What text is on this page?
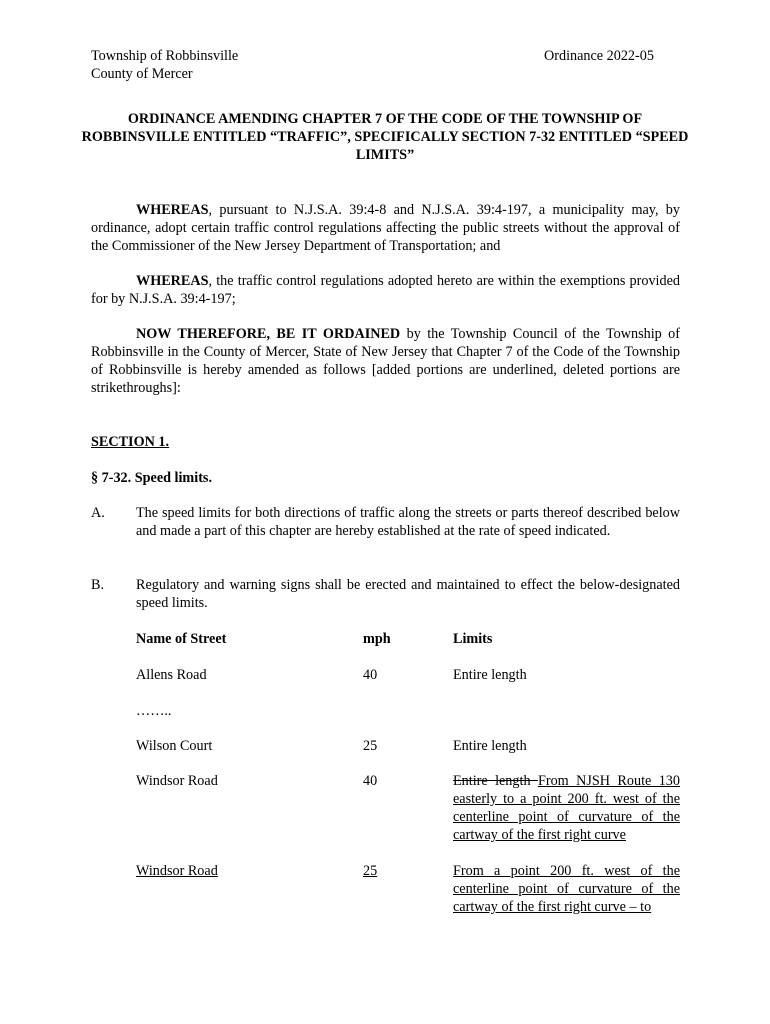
Township of Robbinsville
County of Mercer
Ordinance 2022-05
ORDINANCE AMENDING CHAPTER 7 OF THE CODE OF THE TOWNSHIP OF ROBBINSVILLE ENTITLED “TRAFFIC”, SPECIFICALLY SECTION 7-32 ENTITLED “SPEED LIMITS”
WHEREAS, pursuant to N.J.S.A. 39:4-8 and N.J.S.A. 39:4-197, a municipality may, by ordinance, adopt certain traffic control regulations affecting the public streets without the approval of the Commissioner of the New Jersey Department of Transportation; and
WHEREAS, the traffic control regulations adopted hereto are within the exemptions provided for by N.J.S.A. 39:4-197;
NOW THEREFORE, BE IT ORDAINED by the Township Council of the Township of Robbinsville in the County of Mercer, State of New Jersey that Chapter 7 of the Code of the Township of Robbinsville is hereby amended as follows [added portions are underlined, deleted portions are strikethroughs]:
SECTION 1.
§ 7-32. Speed limits.
A. The speed limits for both directions of traffic along the streets or parts thereof described below and made a part of this chapter are hereby established at the rate of speed indicated.
B. Regulatory and warning signs shall be erected and maintained to effect the below-designated speed limits.
Name of Street	mph	Limits
Allens Road	40	Entire length
……..
Wilson Court	25	Entire length
Windsor Road	40	Entire length From NJSH Route 130 easterly to a point 200 ft. west of the centerline point of curvature of the cartway of the first right curve
Windsor Road	25	From a point 200 ft. west of the centerline point of curvature of the cartway of the first right curve – to
